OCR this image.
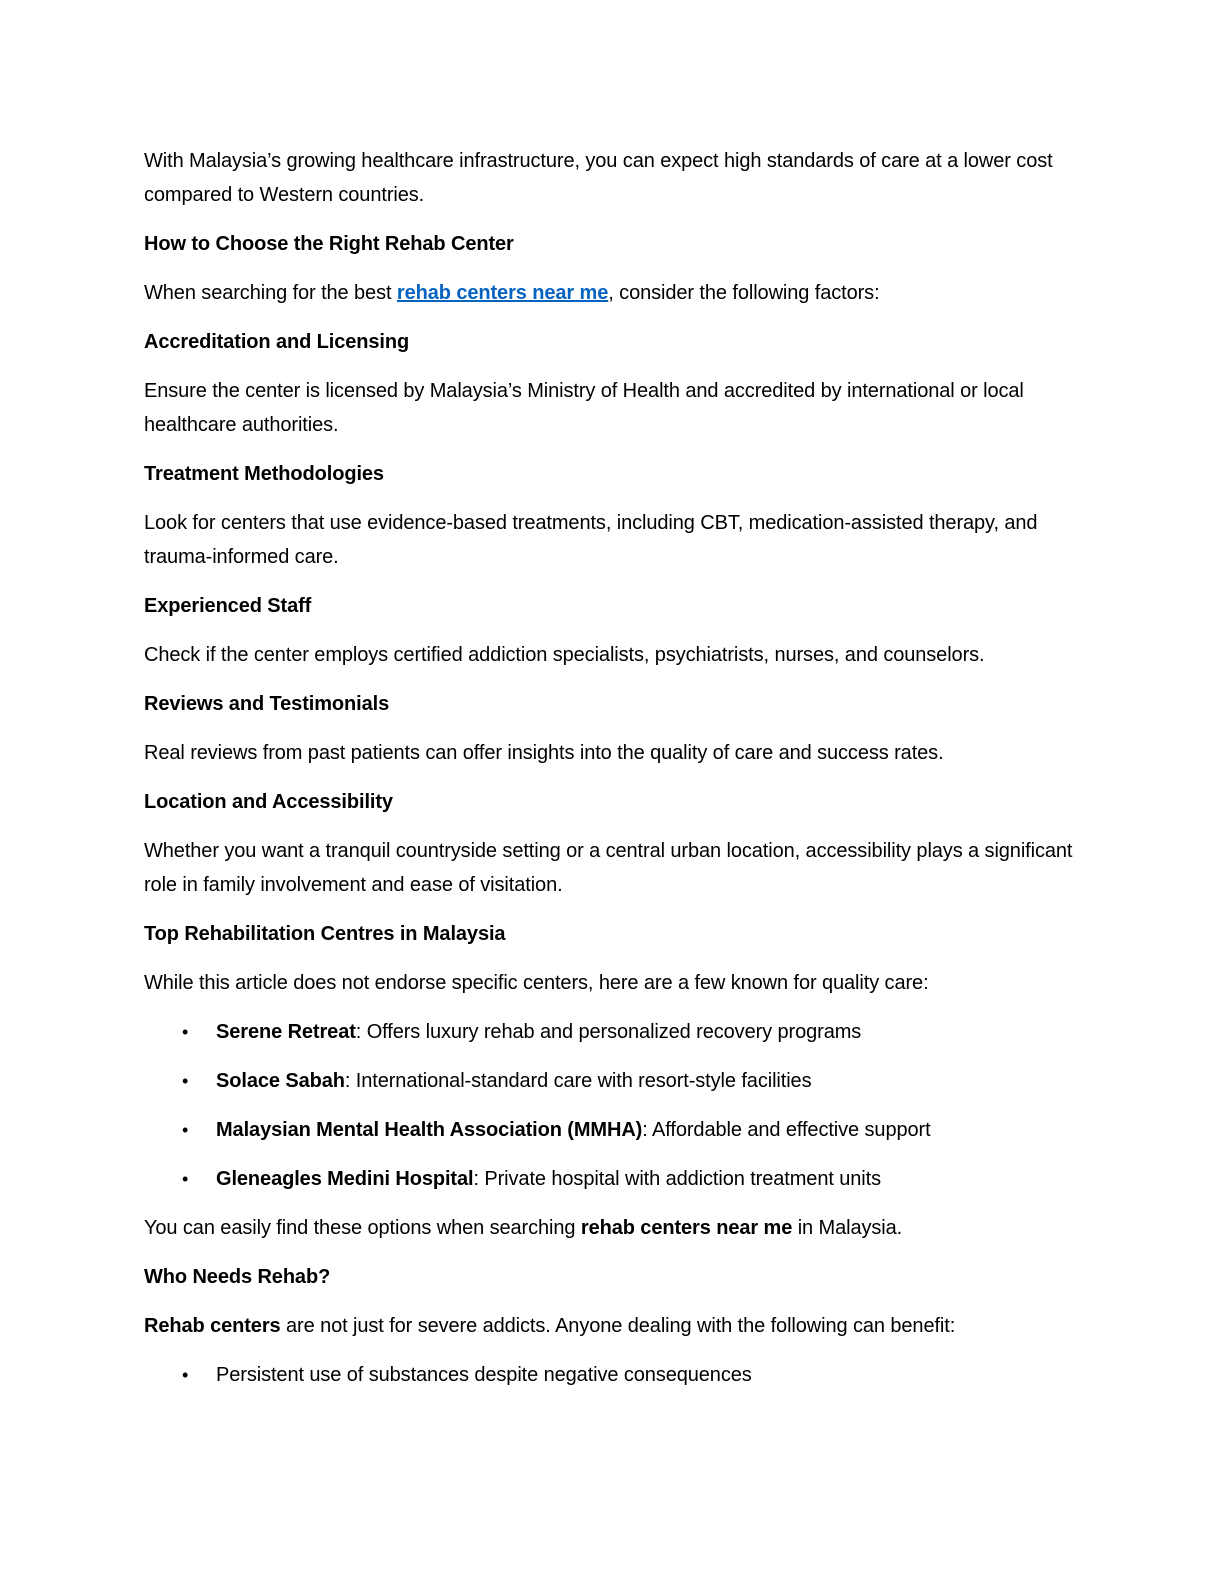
With Malaysia’s growing healthcare infrastructure, you can expect high standards of care at a lower cost compared to Western countries.

How to Choose the Right Rehab Center

When searching for the best rehab centers near me, consider the following factors:

Accreditation and Licensing

Ensure the center is licensed by Malaysia’s Ministry of Health and accredited by international or local healthcare authorities.

Treatment Methodologies

Look for centers that use evidence-based treatments, including CBT, medication-assisted therapy, and trauma-informed care.

Experienced Staff

Check if the center employs certified addiction specialists, psychiatrists, nurses, and counselors.

Reviews and Testimonials

Real reviews from past patients can offer insights into the quality of care and success rates.

Location and Accessibility

Whether you want a tranquil countryside setting or a central urban location, accessibility plays a significant role in family involvement and ease of visitation.

Top Rehabilitation Centres in Malaysia

While this article does not endorse specific centers, here are a few known for quality care:

• Serene Retreat: Offers luxury rehab and personalized recovery programs
• Solace Sabah: International-standard care with resort-style facilities
• Malaysian Mental Health Association (MMHA): Affordable and effective support
• Gleneagles Medini Hospital: Private hospital with addiction treatment units

You can easily find these options when searching rehab centers near me in Malaysia.

Who Needs Rehab?

Rehab centers are not just for severe addicts. Anyone dealing with the following can benefit:

• Persistent use of substances despite negative consequences
